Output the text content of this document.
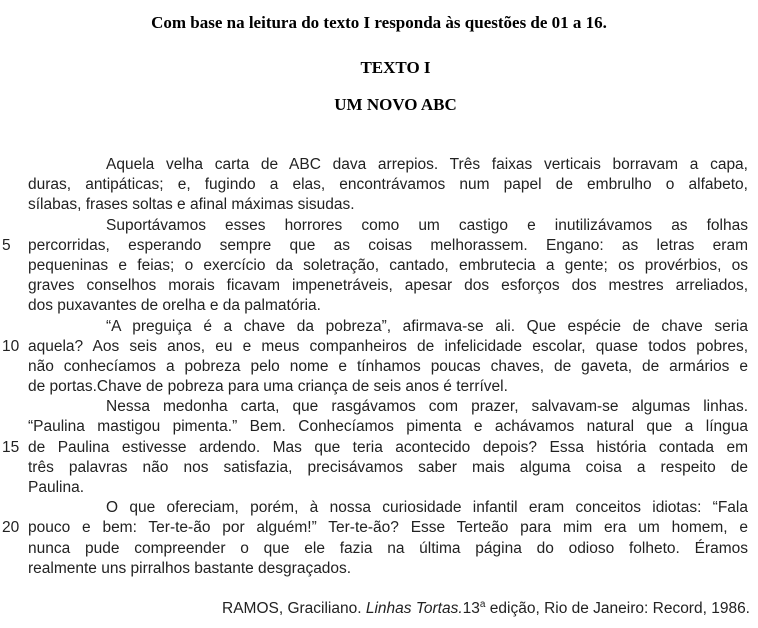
Com base na leitura do texto I responda às questões de 01 a 16.
TEXTO I
UM NOVO ABC
Aquela velha carta de ABC dava arrepios. Três faixas verticais borravam a capa,
duras, antipáticas; e, fugindo a elas, encontrávamos num papel de embrulho o alfabeto,
sílabas, frases soltas e afinal máximas sisudas.
Suportávamos esses horrores como um castigo e inutilizávamos as folhas
5	percorridas, esperando sempre que as coisas melhorassem. Engano: as letras eram
pequeninas e feias; o exercício da soletração, cantado, embrutecia a gente; os provérbios, os
graves conselhos morais ficavam impenetráveis, apesar dos esforços dos mestres arreliados,
dos puxavantes de orelha e da palmatória.
“A preguiça é a chave da pobreza”, afirmava-se ali. Que espécie de chave seria
10 aquela? Aos seis anos, eu e meus companheiros de infelicidade escolar, quase todos pobres,
não conhecíamos a pobreza pelo nome e tínhamos poucas chaves, de gaveta, de armários e
de portas.Chave de pobreza para uma criança de seis anos é terrível.
Nessa medonha carta, que rasgávamos com prazer, salvavam-se algumas linhas.
“Paulina mastigou pimenta.” Bem. Conhecíamos pimenta e achávamos natural que a língua
15 de Paulina estivesse ardendo. Mas que teria acontecido depois? Essa história contada em
três palavras não nos satisfazia, precisávamos saber mais alguma coisa a respeito de
Paulina.
O que ofereciam, porém, à nossa curiosidade infantil eram conceitos idiotas: “Fala
20 pouco e bem: Ter-te-ão por alguém!” Ter-te-ão? Esse Terteão para mim era um homem, e
nunca pude compreender o que ele fazia na última página do odioso folheto. Éramos
realmente uns pirralhos bastante desgraçados.
RAMOS, Graciliano. Linhas Tortas.13$^a$ edição, Rio de Janeiro: Record, 1986.
